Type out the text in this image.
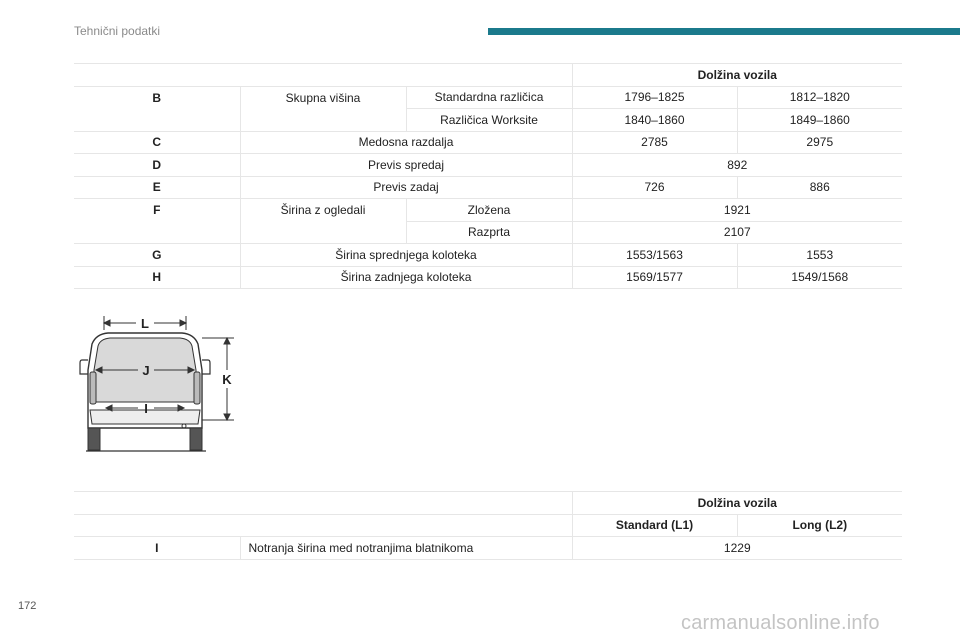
Tehnični podatki
			Dolžina vozila	
B	Skupna višina	Standardna različica	1796–1825	1812–1820
		Različica Worksite	1840–1860	1849–1860
C	Medosna razdalja		2785	2975
D	Previs spredaj		892	
E	Previs zadaj		726	886
F	Širina z ogledali	Zložena	1921	
		Razprta	2107	
G	Širina sprednjega koloteka		1553/1563	1553
H	Širina zadnjega koloteka		1569/1577	1549/1568
L
J
I
K
		Dolžina vozila	
		Standard (L1)	Long (L2)
I	Notranja širina med notranjima blatnikoma	1229	
172
carmanualsonline.info
